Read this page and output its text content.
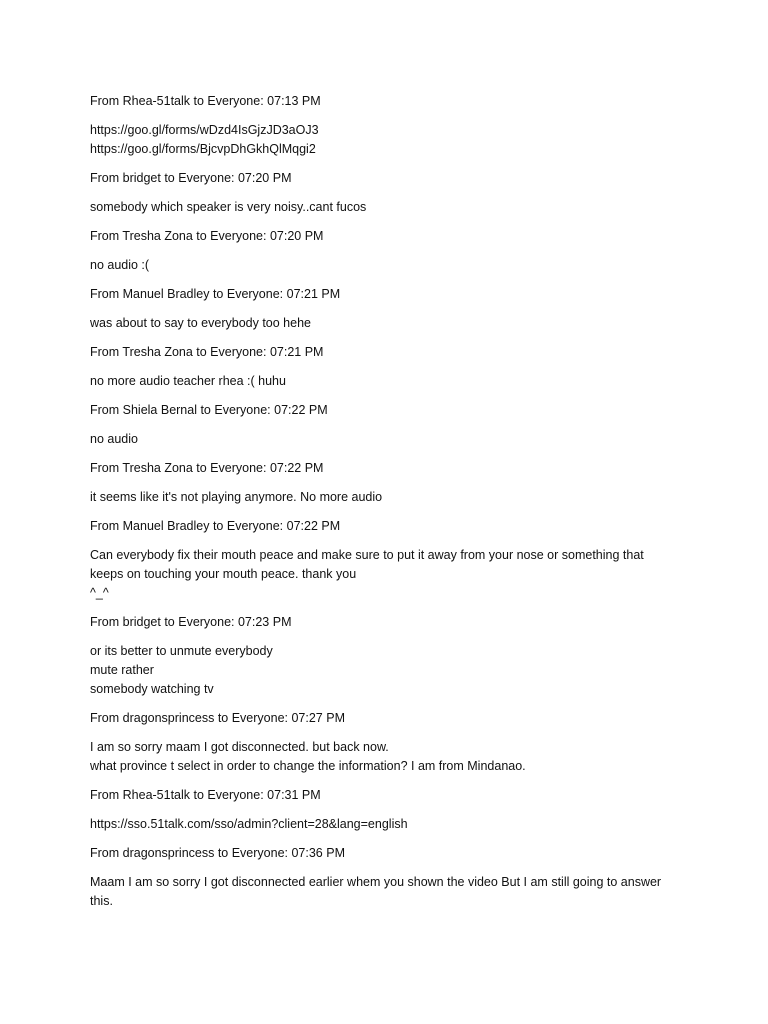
From Rhea-51talk to Everyone: 07:13 PM

https://goo.gl/forms/wDzd4IsGjzJD3aOJ3
https://goo.gl/forms/BjcvpDhGkhQlMqgi2

From bridget to Everyone: 07:20 PM

somebody which speaker is very noisy..cant fucos

From Tresha Zona to Everyone: 07:20 PM

no audio :(

From Manuel Bradley to Everyone: 07:21 PM

was about to say to everybody too hehe

From Tresha Zona to Everyone: 07:21 PM

no more audio teacher rhea :( huhu

From Shiela Bernal to Everyone: 07:22 PM

no audio

From Tresha Zona to Everyone: 07:22 PM

it seems like it's not playing anymore. No more audio

From Manuel Bradley to Everyone: 07:22 PM

Can everybody fix their mouth peace and make sure to put it away from your nose or something that
keeps on touching your mouth peace. thank you
^_^

From bridget to Everyone: 07:23 PM

or its better to unmute everybody
mute rather
somebody watching tv

From dragonsprincess to Everyone: 07:27 PM

I am so sorry maam I got disconnected. but back now.
what province t select in order to change the information? I am from Mindanao.

From Rhea-51talk to Everyone: 07:31 PM

https://sso.51talk.com/sso/admin?client=28&lang=english

From dragonsprincess to Everyone: 07:36 PM

Maam I am so sorry I got disconnected earlier whem you shown the video But I am still going to answer
this.
